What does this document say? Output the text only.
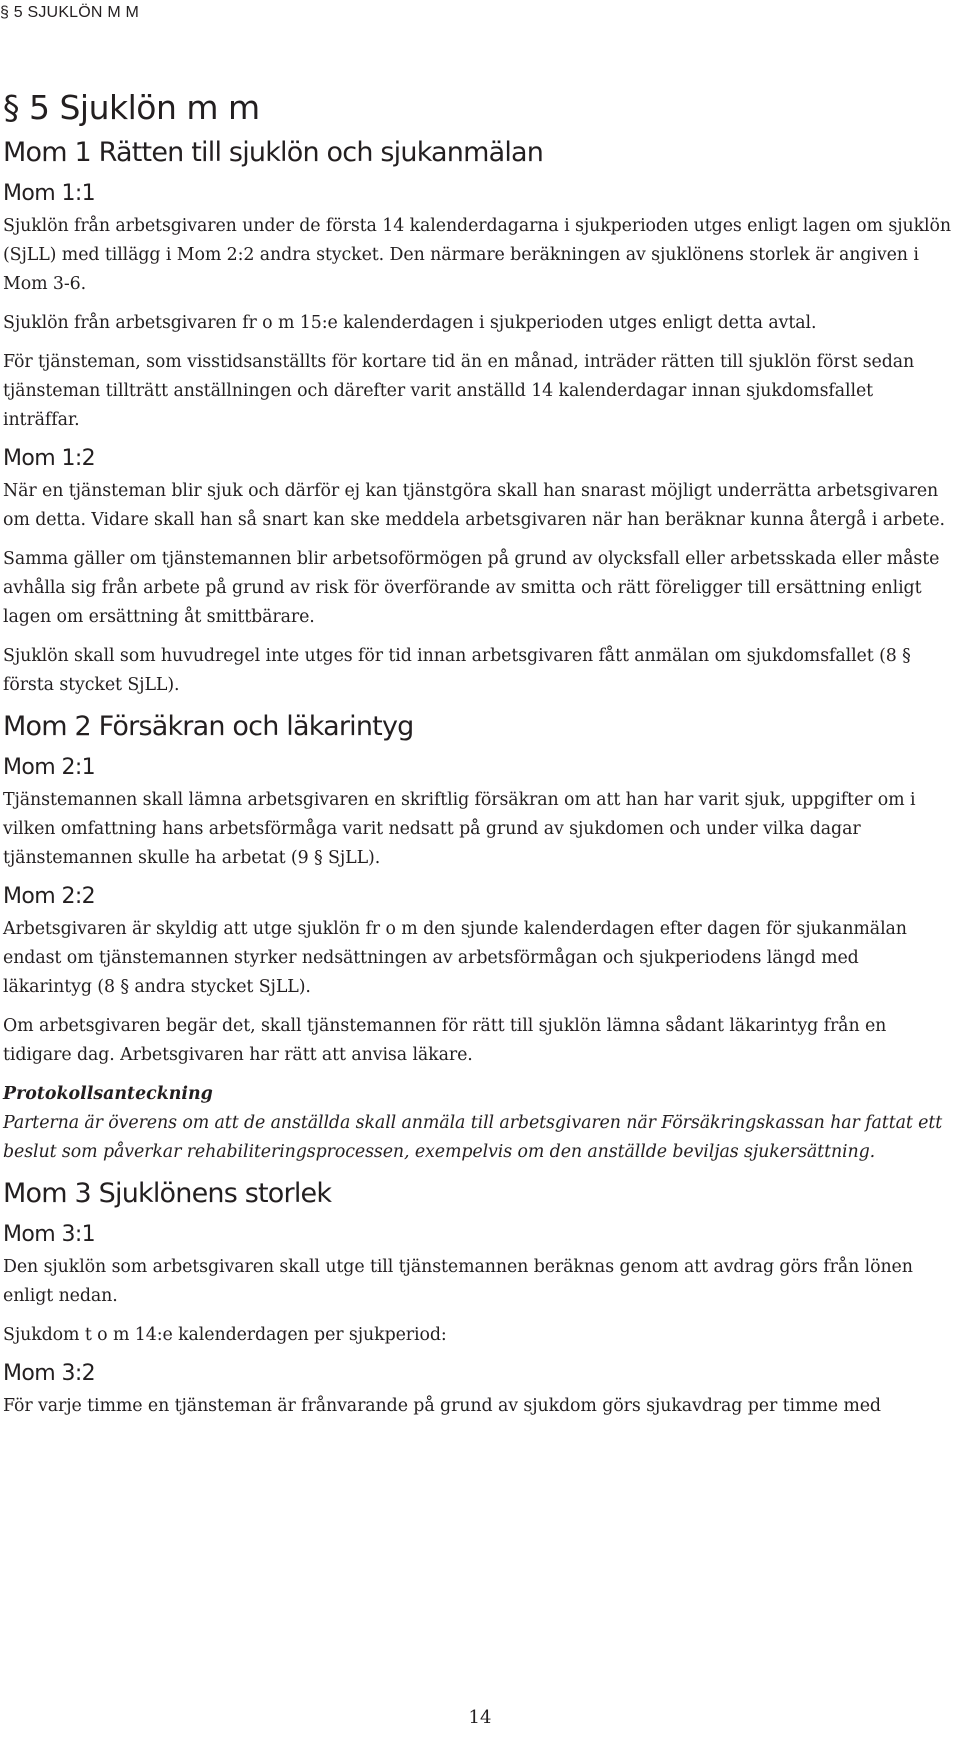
§ 5 SJUKLÖN M M
§ 5 Sjuklön m m
Mom 1 Rätten till sjuklön och sjukanmälan
Mom 1:1

Sjuklön från arbetsgivaren under de första 14 kalenderdagarna i sjukperioden utges enligt lagen om sjuklön (SjLL) med tillägg i Mom 2:2 andra stycket. Den närmare beräkningen av sjuklönens storlek är angiven i Mom 3-6.

Sjuklön från arbetsgivaren fr o m 15:e kalenderdagen i sjukperioden utges enligt detta avtal.

För tjänsteman, som visstidsanställts för kortare tid än en månad, inträder rätten till sjuklön först sedan tjänsteman tillträtt anställningen och därefter varit anställd 14 kalenderdagar innan sjukdomsfallet inträffar.

Mom 1:2

När en tjänsteman blir sjuk och därför ej kan tjänstgöra skall han snarast möjligt underrätta arbetsgivaren om detta. Vidare skall han så snart kan ske meddela arbetsgivaren när han beräknar kunna återgå i arbete.

Samma gäller om tjänstemannen blir arbetsoförmögen på grund av olycksfall eller arbetsskada eller måste avhålla sig från arbete på grund av risk för överförande av smitta och rätt föreligger till ersättning enligt lagen om ersättning åt smittbärare.

Sjuklön skall som huvudregel inte utges för tid innan arbetsgivaren fått anmälan om sjukdomsfallet (8 § första stycket SjLL).

Mom 2 Försäkran och läkarintyg
Mom 2:1

Tjänstemannen skall lämna arbetsgivaren en skriftlig försäkran om att han har varit sjuk, uppgifter om i vilken omfattning hans arbetsförmåga varit nedsatt på grund av sjukdomen och under vilka dagar tjänstemannen skulle ha arbetat (9 § SjLL).

Mom 2:2

Arbetsgivaren är skyldig att utge sjuklön fr o m den sjunde kalenderdagen efter dagen för sjukanmälan endast om tjänstemannen styrker nedsättningen av arbetsförmågan och sjukperiodens längd med läkarintyg (8 § andra stycket SjLL).

Om arbetsgivaren begär det, skall tjänstemannen för rätt till sjuklön lämna sådant läkarintyg från en tidigare dag. Arbetsgivaren har rätt att anvisa läkare.

Protokollsanteckning

Parterna är överens om att de anställda skall anmäla till arbetsgivaren när Försäkringskassan har fattat ett beslut som påverkar rehabiliteringsprocessen, exempelvis om den anställde beviljas sjukersättning.

Mom 3 Sjuklönens storlek
Mom 3:1

Den sjuklön som arbetsgivaren skall utge till tjänstemannen beräknas genom att avdrag görs från lönen enligt nedan.

Sjukdom t o m 14:e kalenderdagen per sjukperiod:

Mom 3:2

För varje timme en tjänsteman är frånvarande på grund av sjukdom görs sjukavdrag per timme med

14
